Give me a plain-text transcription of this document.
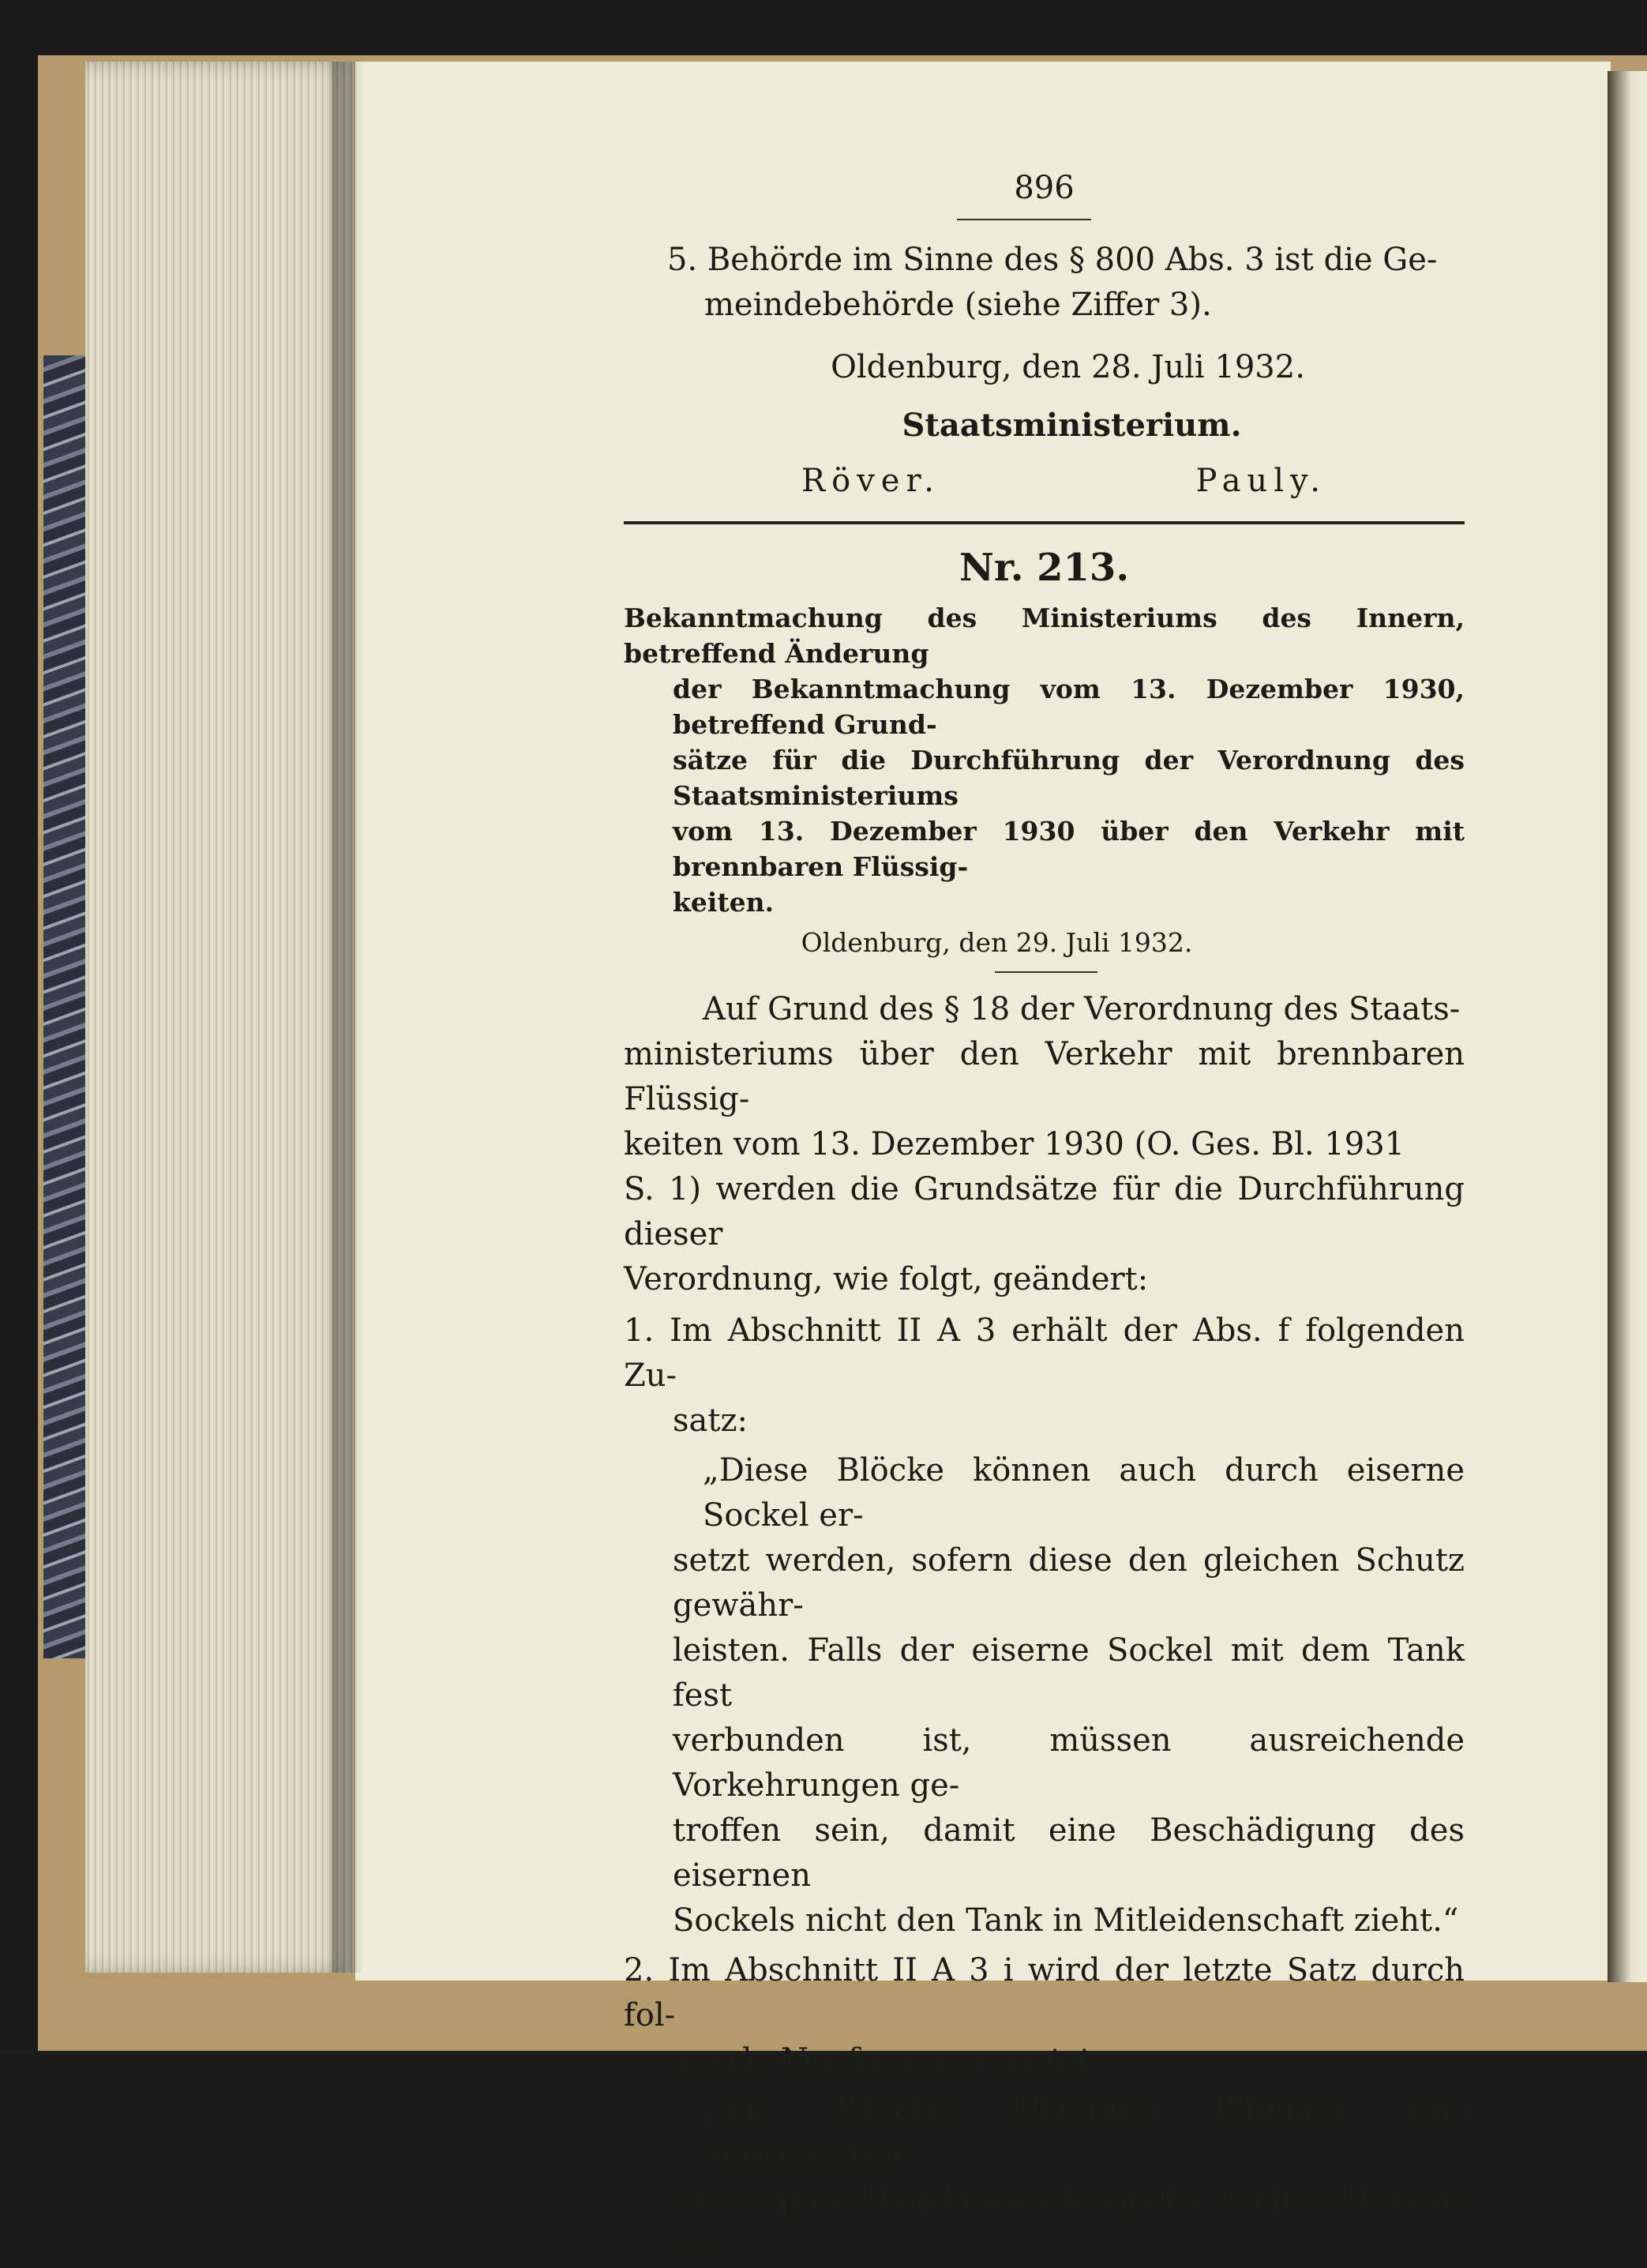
896
5. Behörde im Sinne des § 800 Abs. 3 ist die Ge-
meindebehörde (siehe Ziffer 3).
Oldenburg, den 28. Juli 1932.
Staatsministerium.
Röver.	Pauly.
Nr. 213.
Bekanntmachung des Ministeriums des Innern, betreffend Änderung
der Bekanntmachung vom 13. Dezember 1930, betreffend Grund-
sätze für die Durchführung der Verordnung des Staatsministeriums
vom 13. Dezember 1930 über den Verkehr mit brennbaren Flüssig-
keiten.
Oldenburg, den 29. Juli 1932.
Auf Grund des § 18 der Verordnung des Staats-
ministeriums über den Verkehr mit brennbaren Flüssig-
keiten vom 13. Dezember 1930 (O. Ges. Bl. 1931
S. 1) werden die Grundsätze für die Durchführung dieser
Verordnung, wie folgt, geändert:
1. Im Abschnitt II A 3 erhält der Abs. f folgenden Zu-
satz:
„Diese Blöcke können auch durch eiserne Sockel er-
setzt werden, sofern diese den gleichen Schutz gewähr-
leisten. Falls der eiserne Sockel mit dem Tank fest
verbunden ist, müssen ausreichende Vorkehrungen ge-
troffen sein, damit eine Beschädigung des eisernen
Sockels nicht den Tank in Mitleidenschaft zieht.“
2. Im Abschnitt II A 3 i wird der letzte Satz durch fol-
gende Neufassung ersetzt:
„Zur Abgabe kleinerer Mengen von Betriebsstoff
aus Zapfstellen dürfen bei jeder Tankstelle eine ex-
